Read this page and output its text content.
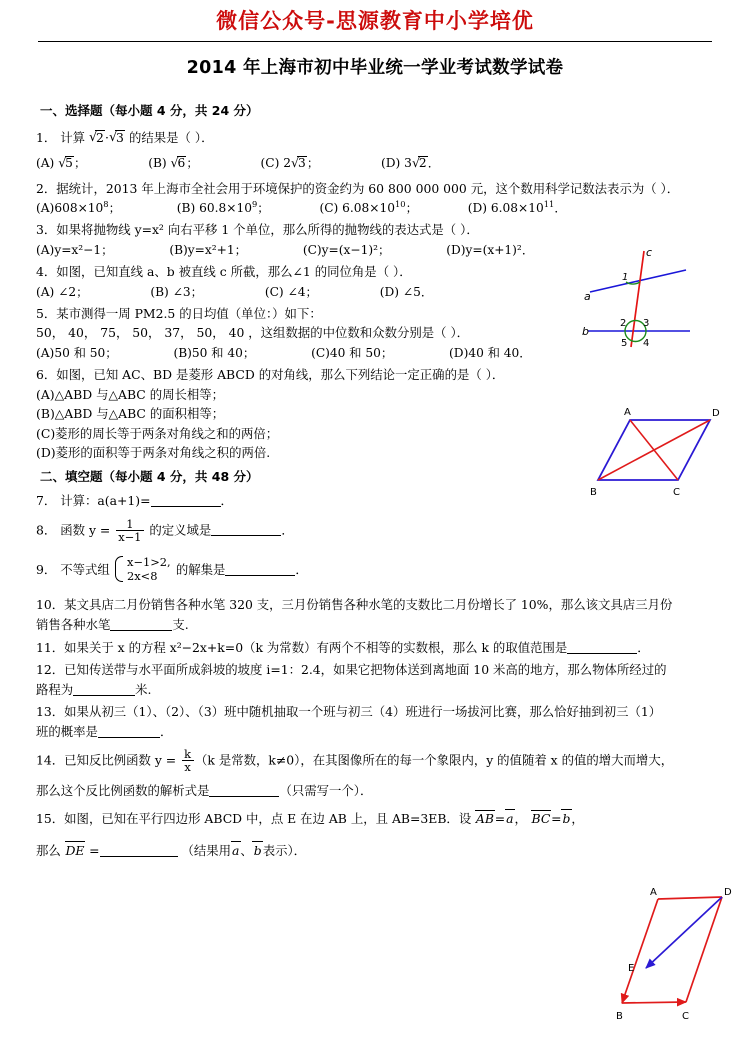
微信公众号-思源教育中小学培优
2014 年上海市初中毕业统一学业考试数学试卷
一、选择题（每小题 4 分，共 24 分）
1． 计算 √ 2· √ 3 的结果是（ ）．
(A) √ 5；	(B) √ 6；	(C) 2 √ 3；	(D) 3 √ 2．
2．据统计，2013 年上海市全社会用于环境保护的资金约为 60 800 000 000 元，这个数用科学记数法表示为（ ）．
$(A)608\times 10^8$；	(B) $60.8\times 10^9$；	(C) $6.08\times 10^{10}$；	(D) $6.08\times 10^{11}$．
3．如果将抛物线 y=x² 向右平移 1 个单位，那么所得的抛物线的表达式是（ ）．
(A)y=x²−1；	(B)y=x²+1；	(C)y=(x−1)²；	(D)y=(x+1)²．
4．如图，已知直线 a、b 被直线 c 所截，那么∠1 的同位角是（ ）．
(A) ∠2；	(B) ∠3；	(C) ∠4；	(D) ∠5．
5．某市测得一周 PM2.5 的日均值（单位：）如下：
50， 40， 75， 50， 37， 50， 40 ，这组数据的中位数和众数分别是（ ）．
(A)50 和 50；	(B)50 和 40；	(C)40 和 50；	(D)40 和 40．
6．如图，已知 AC、BD 是菱形 ABCD 的对角线，那么下列结论一定正确的是（ ）．
(A)△ABD 与△ABC 的周长相等；
(B)△ABD 与△ABC 的面积相等；
(C)菱形的周长等于两条对角线之和的两倍；
(D)菱形的面积等于两条对角线之积的两倍.
二、填空题（每小题 4 分，共 48 分）
7． 计算：a(a+1)=	．
8． 函数 $y = \frac{1}{x-1}$ 的定义域是	．
9． 不等式组
x−1>2,
2x<8	的解集是	．
10．某文具店二月份销售各种水笔 320 支，三月份销售各种水笔的支数比二月份增长了 10%，那么该文具店三月份
销售各种水笔	支.
11．如果关于 x 的方程 x²−2x+k=0（k 为常数）有两个不相等的实数根，那么 k 的取值范围是	．
12．已知传送带与水平面所成斜坡的坡度 i=1：2.4，如果它把物体送到离地面 10 米高的地方，那么物体所经过的
路程为	米.
13．如果从初三（1）、（2）、（3）班中随机抽取一个班与初三（4）班进行一场拔河比赛，那么恰好抽到初三（1）
班的概率是	．
14．已知反比例函数 $y = \frac{k}{x} (k$ 是常数，k≠0），在其图像所在的每一个象限内，y 的值随着 x 的值的增大而增大，
那么这个反比例函数的解析式是	（只需写一个）．
15．如图，已知在平行四边形 ABCD 中，点 E 在边 AB 上，且 AB=3EB．设 AB=a， BC=b，
那么 DE =	（结果用a、b表示）．
1
2 3
4
5
a
b
c
A
B	C
D
A
B	C
D
E
